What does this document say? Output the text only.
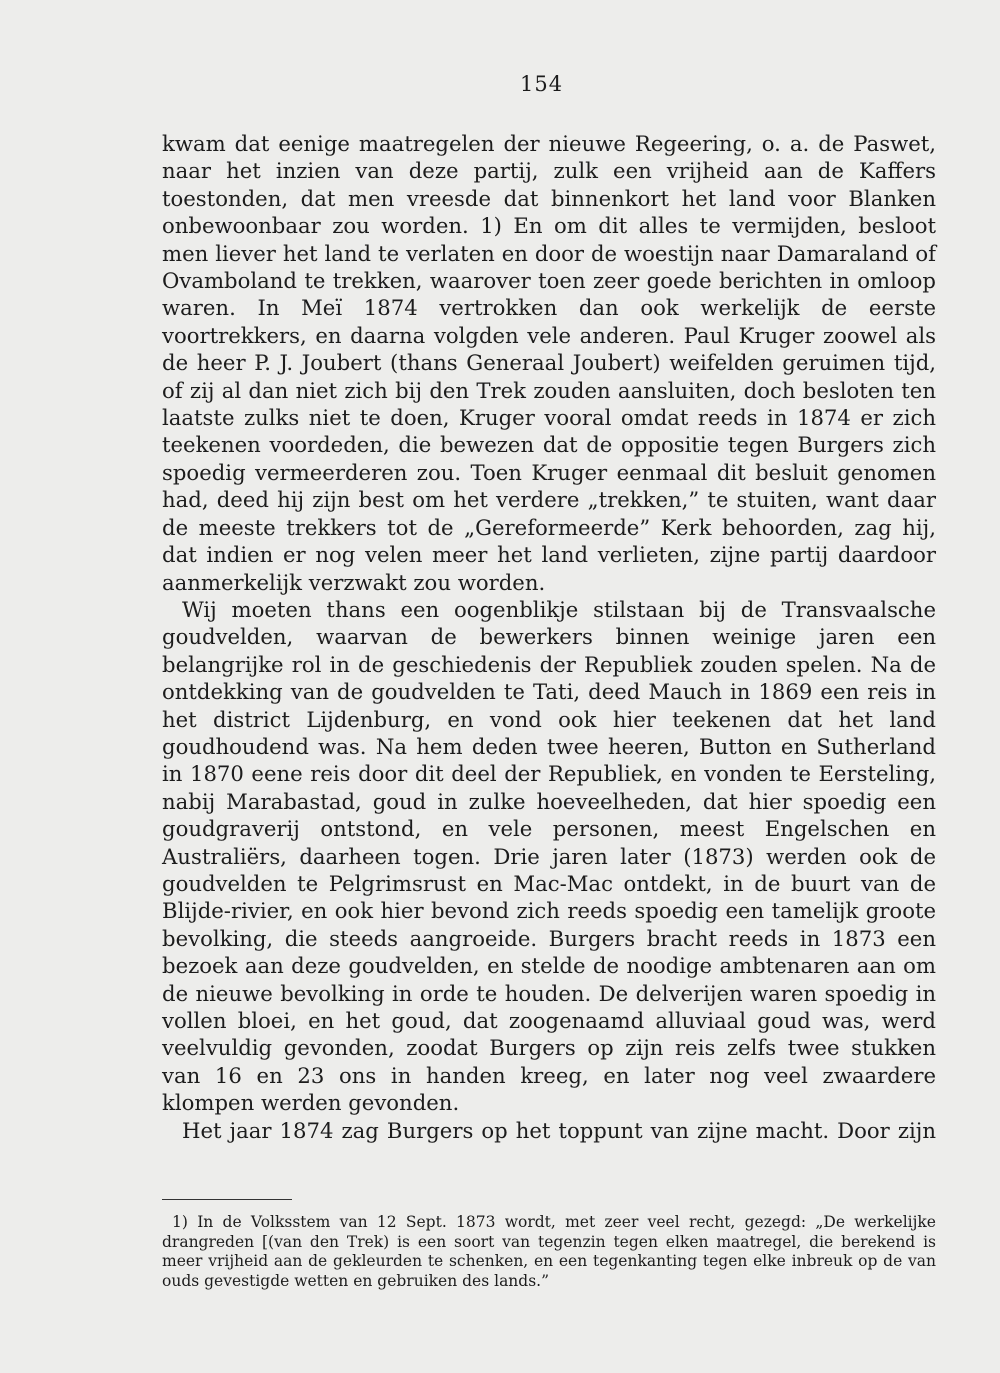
154

kwam dat eenige maatregelen der nieuwe Regeering, o. a. de Paswet, naar het inzien van deze partij, zulk een vrijheid aan de Kaffers toestonden, dat men vreesde dat binnenkort het land voor Blanken onbewoonbaar zou worden. 1) En om dit alles te vermijden, besloot men liever het land te verlaten en door de woestijn naar Damaraland of Ovamboland te trekken, waarover toen zeer goede berichten in omloop waren. In Meï 1874 vertrokken dan ook werkelijk de eerste voortrekkers, en daarna volgden vele anderen. Paul Kruger zoowel als de heer P. J. Joubert (thans Generaal Joubert) weifelden geruimen tijd, of zij al dan niet zich bij den Trek zouden aansluiten, doch besloten ten laatste zulks niet te doen, Kruger vooral omdat reeds in 1874 er zich teekenen voordeden, die bewezen dat de oppositie tegen Burgers zich spoedig vermeerderen zou. Toen Kruger eenmaal dit besluit genomen had, deed hij zijn best om het verdere „trekken,” te stuiten, want daar de meeste trekkers tot de „Gereformeerde” Kerk behoorden, zag hij, dat indien er nog velen meer het land verlieten, zijne partij daardoor aanmerkelijk verzwakt zou worden.

Wij moeten thans een oogenblikje stilstaan bij de Transvaalsche goudvelden, waarvan de bewerkers binnen weinige jaren een belangrijke rol in de geschiedenis der Republiek zouden spelen. Na de ontdekking van de goudvelden te Tati, deed Mauch in 1869 een reis in het district Lijdenburg, en vond ook hier teekenen dat het land goudhoudend was. Na hem deden twee heeren, Button en Sutherland in 1870 eene reis door dit deel der Republiek, en vonden te Eersteling, nabij Marabastad, goud in zulke hoeveelheden, dat hier spoedig een goudgraverij ontstond, en vele personen, meest Engelschen en Australiërs, daarheen togen. Drie jaren later (1873) werden ook de goudvelden te Pelgrimsrust en Mac-Mac ontdekt, in de buurt van de Blijde-rivier, en ook hier bevond zich reeds spoedig een tamelijk groote bevolking, die steeds aangroeide. Burgers bracht reeds in 1873 een bezoek aan deze goudvelden, en stelde de noodige ambtenaren aan om de nieuwe bevolking in orde te houden. De delverijen waren spoedig in vollen bloei, en het goud, dat zoogenaamd alluviaal goud was, werd veelvuldig gevonden, zoodat Burgers op zijn reis zelfs twee stukken van 16 en 23 ons in handen kreeg, en later nog veel zwaardere klompen werden gevonden.

Het jaar 1874 zag Burgers op het toppunt van zijne macht. Door zijn

1) In de Volksstem van 12 Sept. 1873 wordt, met zeer veel recht, gezegd: „De werkelijke drangreden [(van den Trek) is een soort van tegenzin tegen elken maatregel, die berekend is meer vrijheid aan de gekleurden te schenken, en een tegenkanting tegen elke inbreuk op de van ouds gevestigde wetten en gebruiken des lands.”
